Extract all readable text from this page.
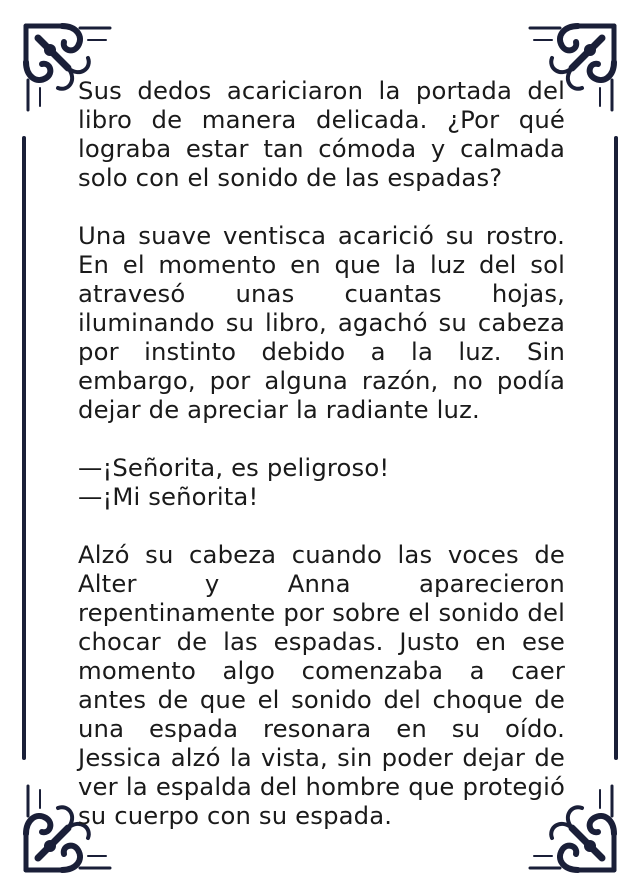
Sus dedos acariciaron la portada del libro de manera delicada. ¿Por qué lograba estar tan cómoda y calmada solo con el sonido de las espadas?

Una suave ventisca acarició su rostro. En el momento en que la luz del sol atravesó unas cuantas hojas, iluminando su libro, agachó su cabeza por instinto debido a la luz. Sin embargo, por alguna razón, no podía dejar de apreciar la radiante luz.

—¡Señorita, es peligroso!

—¡Mi señorita!

Alzó su cabeza cuando las voces de Alter y Anna aparecieron repentinamente por sobre el sonido del chocar de las espadas. Justo en ese momento algo comenzaba a caer antes de que el sonido del choque de una espada resonara en su oído. Jessica alzó la vista, sin poder dejar de ver la espalda del hombre que protegió su cuerpo con su espada.
